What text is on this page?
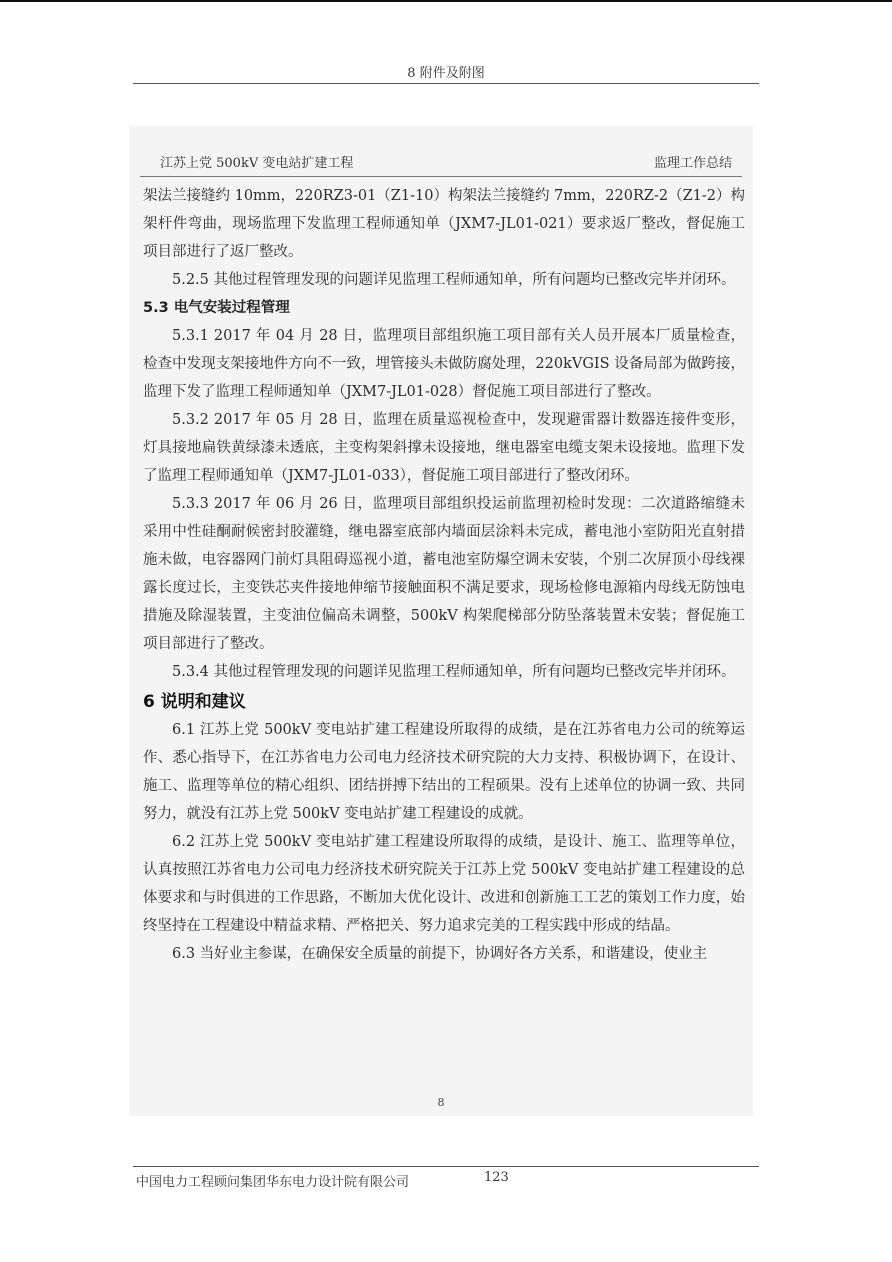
8 附件及附图
江苏上党 500kV 变电站扩建工程	监理工作总结

架法兰接缝约 10mm，220RZ3-01（Z1-10）构架法兰接缝约 7mm，220RZ-2（Z1-2）构架杆件弯曲，现场监理下发监理工程师通知单（JXM7-JL01-021）要求返厂整改，督促施工项目部进行了返厂整改。

5.2.5 其他过程管理发现的问题详见监理工程师通知单，所有问题均已整改完毕并闭环。

5.3 电气安装过程管理

5.3.1 2017 年 04 月 28 日，监理项目部组织施工项目部有关人员开展本厂质量检查，检查中发现支架接地件方向不一致，埋管接头未做防腐处理，220kVGIS 设备局部为做跨接，监理下发了监理工程师通知单（JXM7-JL01-028）督促施工项目部进行了整改。

5.3.2 2017 年 05 月 28 日，监理在质量巡视检查中，发现避雷器计数器连接件变形，灯具接地扁铁黄绿漆未透底，主变构架斜撑未设接地，继电器室电缆支架未设接地。监理下发了监理工程师通知单（JXM7-JL01-033），督促施工项目部进行了整改闭环。

5.3.3 2017 年 06 月 26 日，监理项目部组织投运前监理初检时发现：二次道路缩缝未采用中性硅酮耐候密封胶灌缝，继电器室底部内墙面层涂料未完成，蓄电池小室防阳光直射措施未做，电容器网门前灯具阻碍巡视小道，蓄电池室防爆空调未安装，个别二次屏顶小母线裸露长度过长，主变铁芯夹件接地伸缩节接触面积不满足要求，现场检修电源箱内母线无防蚀电措施及除湿装置，主变油位偏高未调整，500kV 构架爬梯部分防坠落装置未安装；督促施工项目部进行了整改。

5.3.4 其他过程管理发现的问题详见监理工程师通知单，所有问题均已整改完毕并闭环。

6 说明和建议

6.1 江苏上党 500kV 变电站扩建工程建设所取得的成绩，是在江苏省电力公司的统筹运作、悉心指导下，在江苏省电力公司电力经济技术研究院的大力支持、积极协调下，在设计、施工、监理等单位的精心组织、团结拼搏下结出的工程硕果。没有上述单位的协调一致、共同努力，就没有江苏上党 500kV 变电站扩建工程建设的成就。

6.2 江苏上党 500kV 变电站扩建工程建设所取得的成绩，是设计、施工、监理等单位，认真按照江苏省电力公司电力经济技术研究院关于江苏上党 500kV 变电站扩建工程建设的总体要求和与时俱进的工作思路，不断加大优化设计、改进和创新施工工艺的策划工作力度，始终坚持在工程建设中精益求精、严格把关、努力追求完美的工程实践中形成的结晶。

6.3 当好业主参谋，在确保安全质量的前提下，协调好各方关系，和谐建设，使业主

8
中国电力工程顾问集团华东电力设计院有限公司	123
